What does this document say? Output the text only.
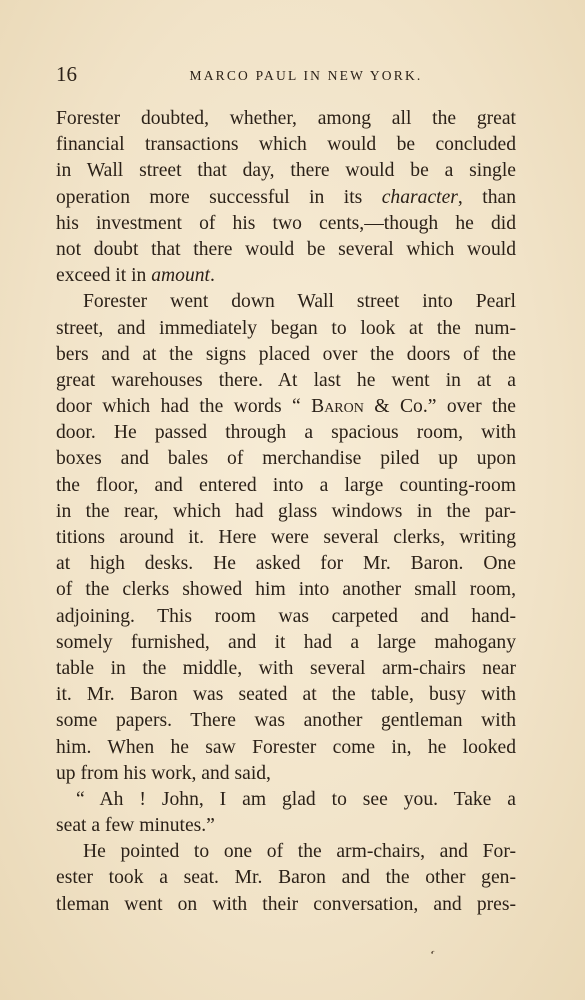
16	MARCO PAUL IN NEW YORK.
Forester doubted, whether, among all the great
financial transactions which would be concluded
in Wall street that day, there would be a single
operation more successful in its character, than
his investment of his two cents,—though he did
not doubt that there would be several which would
exceed it in amount.
Forester went down Wall street into Pearl
street, and immediately began to look at the num-
bers and at the signs placed over the doors of the
great warehouses there. At last he went in at a
door which had the words “ Baron & Co.” over the
door. He passed through a spacious room, with
boxes and bales of merchandise piled up upon
the floor, and entered into a large counting-room
in the rear, which had glass windows in the par-
titions around it. Here were several clerks, writing
at high desks. He asked for Mr. Baron. One
of the clerks showed him into another small room,
adjoining. This room was carpeted and hand-
somely furnished, and it had a large mahogany
table in the middle, with several arm-chairs near
it. Mr. Baron was seated at the table, busy with
some papers. There was another gentleman with
him. When he saw Forester come in, he looked
up from his work, and said,
“ Ah ! John, I am glad to see you. Take a
seat a few minutes.”
He pointed to one of the arm-chairs, and For-
ester took a seat. Mr. Baron and the other gen-
tleman went on with their conversation, and pres-
‘
